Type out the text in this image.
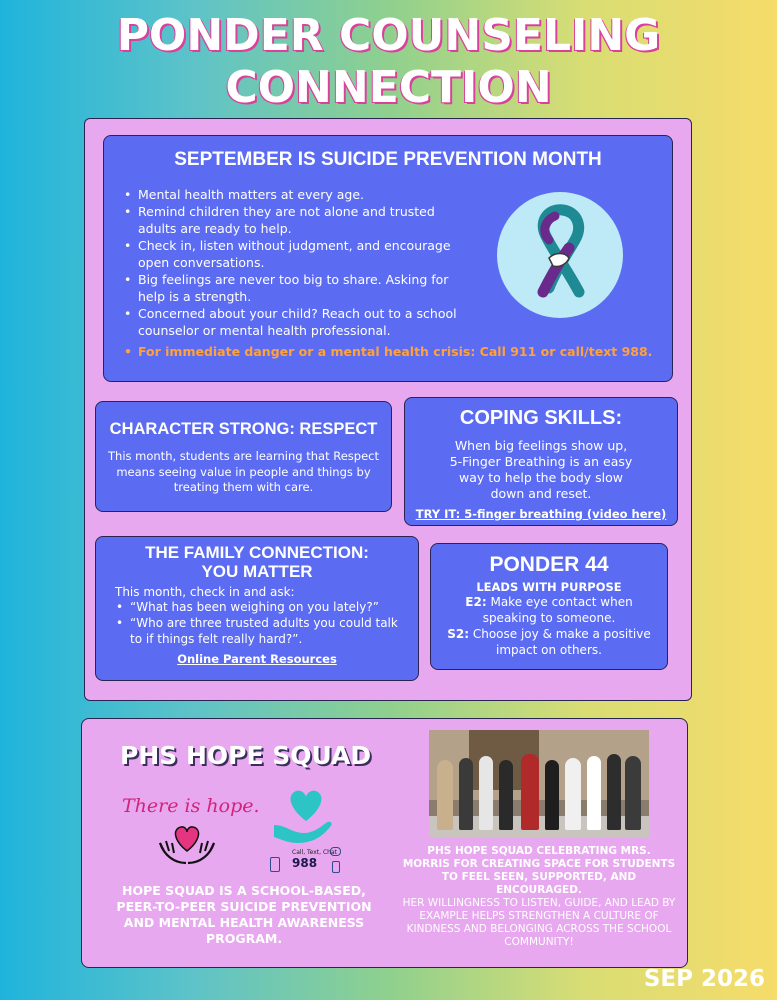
PONDER COUNSELING
CONNECTION
SEPTEMBER IS SUICIDE PREVENTION MONTH
• Mental health matters at every age.
• Remind children they are not alone and trusted adults are ready to help.
• Check in, listen without judgment, and encourage open conversations.
• Big feelings are never too big to share. Asking for help is a strength.
• Concerned about your child? Reach out to a school counselor or mental health professional.
• For immediate danger or a mental health crisis: Call 911 or call/text 988.
CHARACTER STRONG: RESPECT
This month, students are learning that Respect means seeing value in people and things by treating them with care.
COPING SKILLS:
When big feelings show up, 5-Finger Breathing is an easy way to help the body slow down and reset.
TRY IT: 5-finger breathing (video here)
THE FAMILY CONNECTION:
YOU MATTER
This month, check in and ask:
• “What has been weighing on you lately?”
• “Who are three trusted adults you could talk to if things felt really hard?”.
Online Parent Resources
PONDER 44
LEADS WITH PURPOSE
E2: Make eye contact when speaking to someone.
S2: Choose joy & make a positive impact on others.
PHS HOPE SQUAD
There is hope.
Call, Text, Chat
988
HOPE SQUAD IS A SCHOOL-BASED, PEER-TO-PEER SUICIDE PREVENTION AND MENTAL HEALTH AWARENESS PROGRAM.
PHS HOPE SQUAD CELEBRATING MRS. MORRIS FOR CREATING SPACE FOR STUDENTS TO FEEL SEEN, SUPPORTED, AND ENCOURAGED.
HER WILLINGNESS TO LISTEN, GUIDE, AND LEAD BY EXAMPLE HELPS STRENGTHEN A CULTURE OF KINDNESS AND BELONGING ACROSS THE SCHOOL COMMUNITY!
SEP 2026
